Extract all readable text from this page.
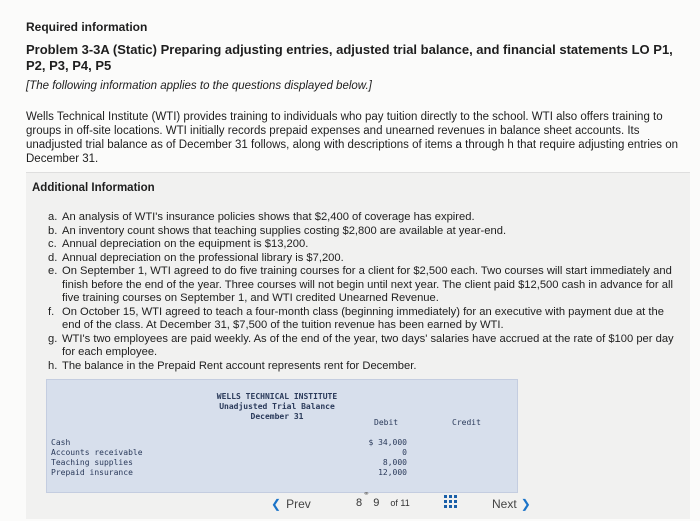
Required information
Problem 3-3A (Static) Preparing adjusting entries, adjusted trial balance, and financial statements LO P1, P2, P3, P4, P5
[The following information applies to the questions displayed below.]
Wells Technical Institute (WTI) provides training to individuals who pay tuition directly to the school. WTI also offers training to groups in off-site locations. WTI initially records prepaid expenses and unearned revenues in balance sheet accounts. Its unadjusted trial balance as of December 31 follows, along with descriptions of items a through h that require adjusting entries on December 31.
Additional Information
a. An analysis of WTI's insurance policies shows that $2,400 of coverage has expired.
b. An inventory count shows that teaching supplies costing $2,800 are available at year-end.
c. Annual depreciation on the equipment is $13,200.
d. Annual depreciation on the professional library is $7,200.
e. On September 1, WTI agreed to do five training courses for a client for $2,500 each. Two courses will start immediately and finish before the end of the year. Three courses will not begin until next year. The client paid $12,500 cash in advance for all five training courses on September 1, and WTI credited Unearned Revenue.
f. On October 15, WTI agreed to teach a four-month class (beginning immediately) for an executive with payment due at the end of the class. At December 31, $7,500 of the tuition revenue has been earned by WTI.
g. WTI's two employees are paid weekly. As of the end of the year, two days' salaries have accrued at the rate of $100 per day for each employee.
h. The balance in the Prepaid Rent account represents rent for December.
WELLS TECHNICAL INSTITUTE
Unadjusted Trial Balance
December 31
Debit	Credit
Cash	$ 34,000
Accounts receivable	0
Teaching supplies	8,000
Prepaid insurance	12,000
❮ Prev
⚭
8 9 of 11	Next ❯
